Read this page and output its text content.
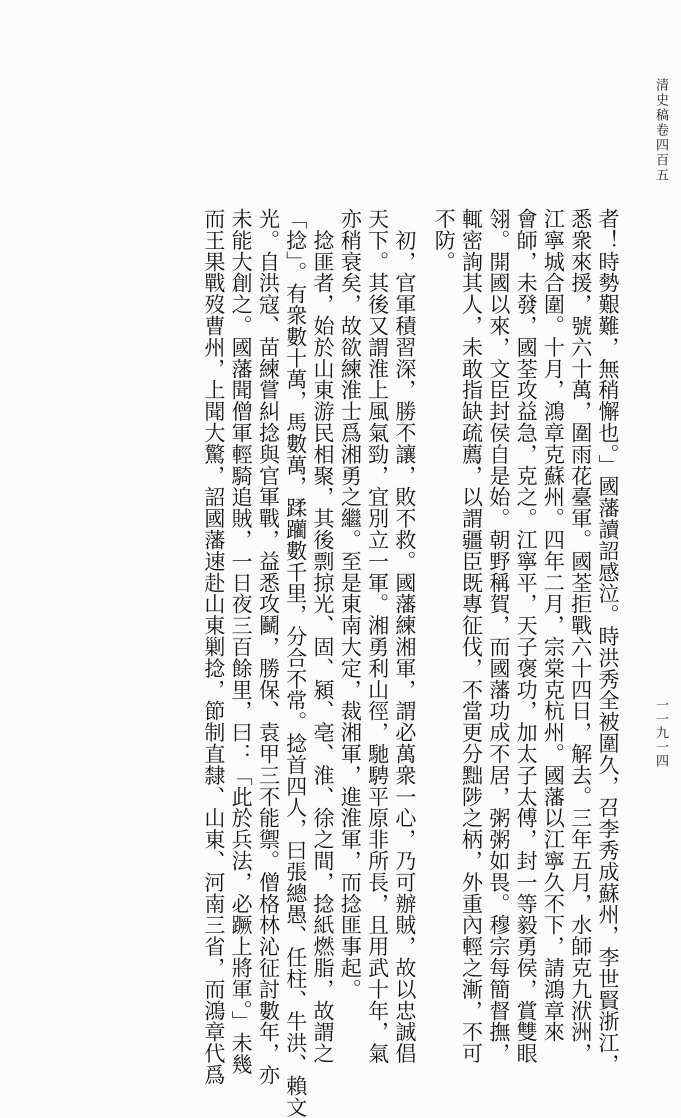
清史稿卷四百五
一一九一四
者！時勢艱難，無稍懈也。」國藩讀詔感泣。時洪秀全被圍久，召李秀成蘇州，李世賢浙江，
悉衆來援，號六十萬，圍雨花臺軍。國荃拒戰六十四日，解去。三年五月，水師克九洑洲，
江寧城合圍。十月，鴻章克蘇州。四年二月，宗棠克杭州。國藩以江寧久不下，請鴻章來
會師，未發，國荃攻益急，克之。江寧平，天子褒功，加太子太傅，封一等毅勇侯，賞雙眼
翎。開國以來，文臣封侯自是始。朝野稱賀，而國藩功成不居，粥粥如畏。穆宗每簡督撫，
輒密詢其人，未敢指缺疏薦，以謂疆臣既專征伐，不當更分黜陟之柄，外重內輕之漸，不可
不防。
　初，官軍積習深，勝不讓，敗不救。國藩練湘軍，謂必萬衆一心，乃可辦賊，故以忠誠倡
天下。其後又謂淮上風氣勁，宜別立一軍。湘勇利山徑，馳騁平原非所長，且用武十年，氣
亦稍衰矣，故欲練淮士爲湘勇之繼。至是東南大定，裁湘軍，進淮軍，而捻匪事起。
　捻匪者，始於山東游民相聚，其後剽掠光、固、潁、亳、淮、徐之間，捻紙燃脂，故謂之
「捻」。有衆數十萬，馬數萬，蹂躪數千里，分合不常。捻首四人，曰張總愚、任柱、牛洪、賴文
光。自洪寇、苗練嘗糾捻與官軍戰，益悉攻鬭，勝保、袁甲三不能禦。僧格林沁征討數年，亦
未能大創之。國藩聞僧軍輕騎追賊，一日夜三百餘里，曰：「此於兵法，必蹶上將軍。」未幾
而王果戰歿曹州，上聞大驚，詔國藩速赴山東剿捻，節制直隸、山東、河南三省，而鴻章代爲
